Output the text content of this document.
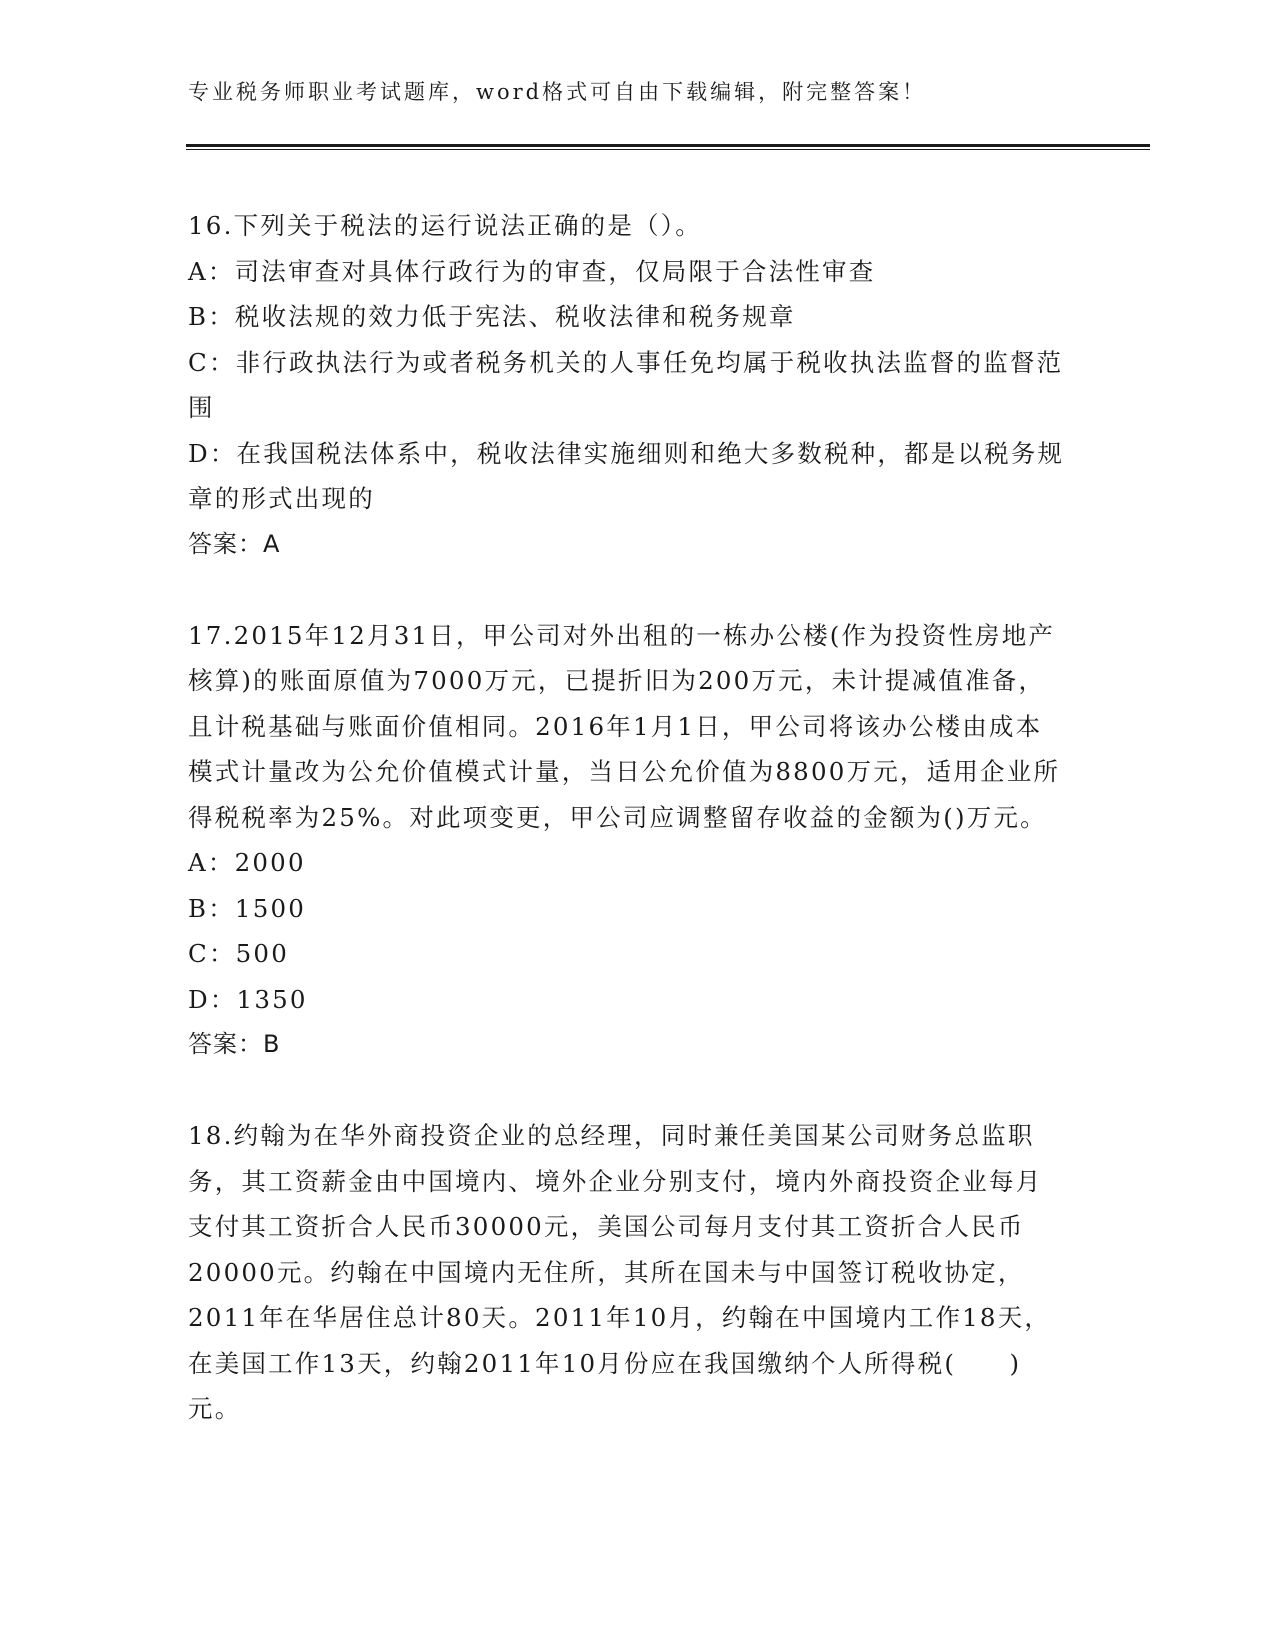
专业税务师职业考试题库，word格式可自由下载编辑，附完整答案！

16.下列关于税法的运行说法正确的是（）。

A：司法审查对具体行政行为的审查，仅局限于合法性审查

B：税收法规的效力低于宪法、税收法律和税务规章

C：非行政执法行为或者税务机关的人事任免均属于税收执法监督的监督范围

D：在我国税法体系中，税收法律实施细则和绝大多数税种，都是以税务规章的形式出现的

答案：A

17.2015年12月31日，甲公司对外出租的一栋办公楼(作为投资性房地产核算)的账面原值为7000万元，已提折旧为200万元，未计提减值准备，且计税基础与账面价值相同。2016年1月1日，甲公司将该办公楼由成本模式计量改为公允价值模式计量，当日公允价值为8800万元，适用企业所得税税率为25%。对此项变更，甲公司应调整留存收益的金额为()万元。

A：2000

B：1500

C：500

D：1350

答案：B

18.约翰为在华外商投资企业的总经理，同时兼任美国某公司财务总监职务，其工资薪金由中国境内、境外企业分别支付，境内外商投资企业每月支付其工资折合人民币30000元，美国公司每月支付其工资折合人民币20000元。约翰在中国境内无住所，其所在国未与中国签订税收协定，2011年在华居住总计80天。2011年10月，约翰在中国境内工作18天，在美国工作13天，约翰2011年10月份应在我国缴纳个人所得税(　　)元。
